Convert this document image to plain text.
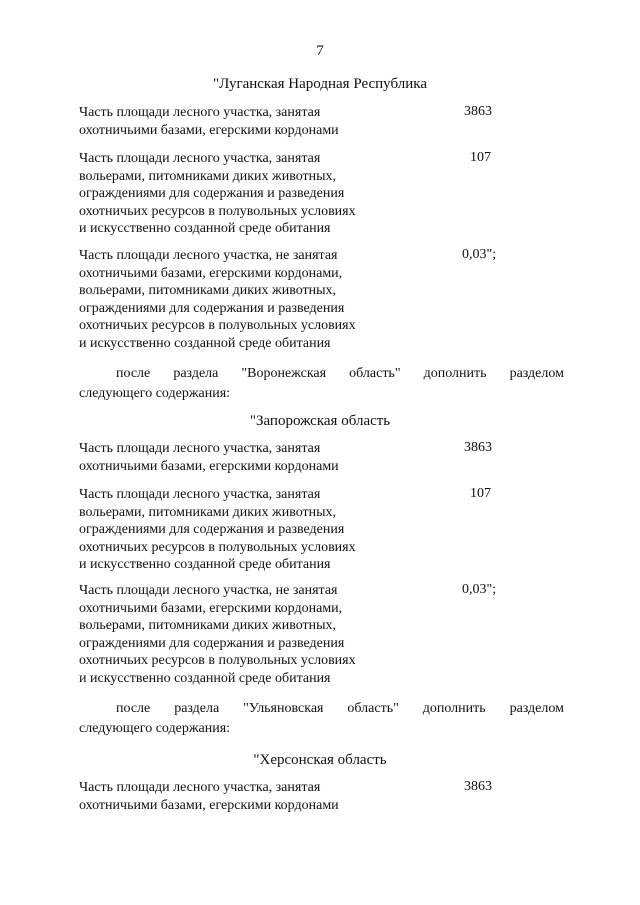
7
"Луганская Народная Республика
Часть площади лесного участка, занятая
охотничьими базами, егерскими кордонами
3863
Часть площади лесного участка, занятая
вольерами, питомниками диких животных,
ограждениями для содержания и разведения
охотничьих ресурсов в полувольных условиях
и искусственно созданной среде обитания
107
Часть площади лесного участка, не занятая
охотничьими базами, егерскими кордонами,
вольерами, питомниками диких животных,
ограждениями для содержания и разведения
охотничьих ресурсов в полувольных условиях
и искусственно созданной среде обитания
0,03";
после раздела "Воронежская область" дополнить разделом
следующего содержания:
"Запорожская область
Часть площади лесного участка, занятая
охотничьими базами, егерскими кордонами
3863
Часть площади лесного участка, занятая
вольерами, питомниками диких животных,
ограждениями для содержания и разведения
охотничьих ресурсов в полувольных условиях
и искусственно созданной среде обитания
107
Часть площади лесного участка, не занятая
охотничьими базами, егерскими кордонами,
вольерами, питомниками диких животных,
ограждениями для содержания и разведения
охотничьих ресурсов в полувольных условиях
и искусственно созданной среде обитания
0,03";
после раздела "Ульяновская область" дополнить разделом
следующего содержания:
"Херсонская область
Часть площади лесного участка, занятая
охотничьими базами, егерскими кордонами
3863
